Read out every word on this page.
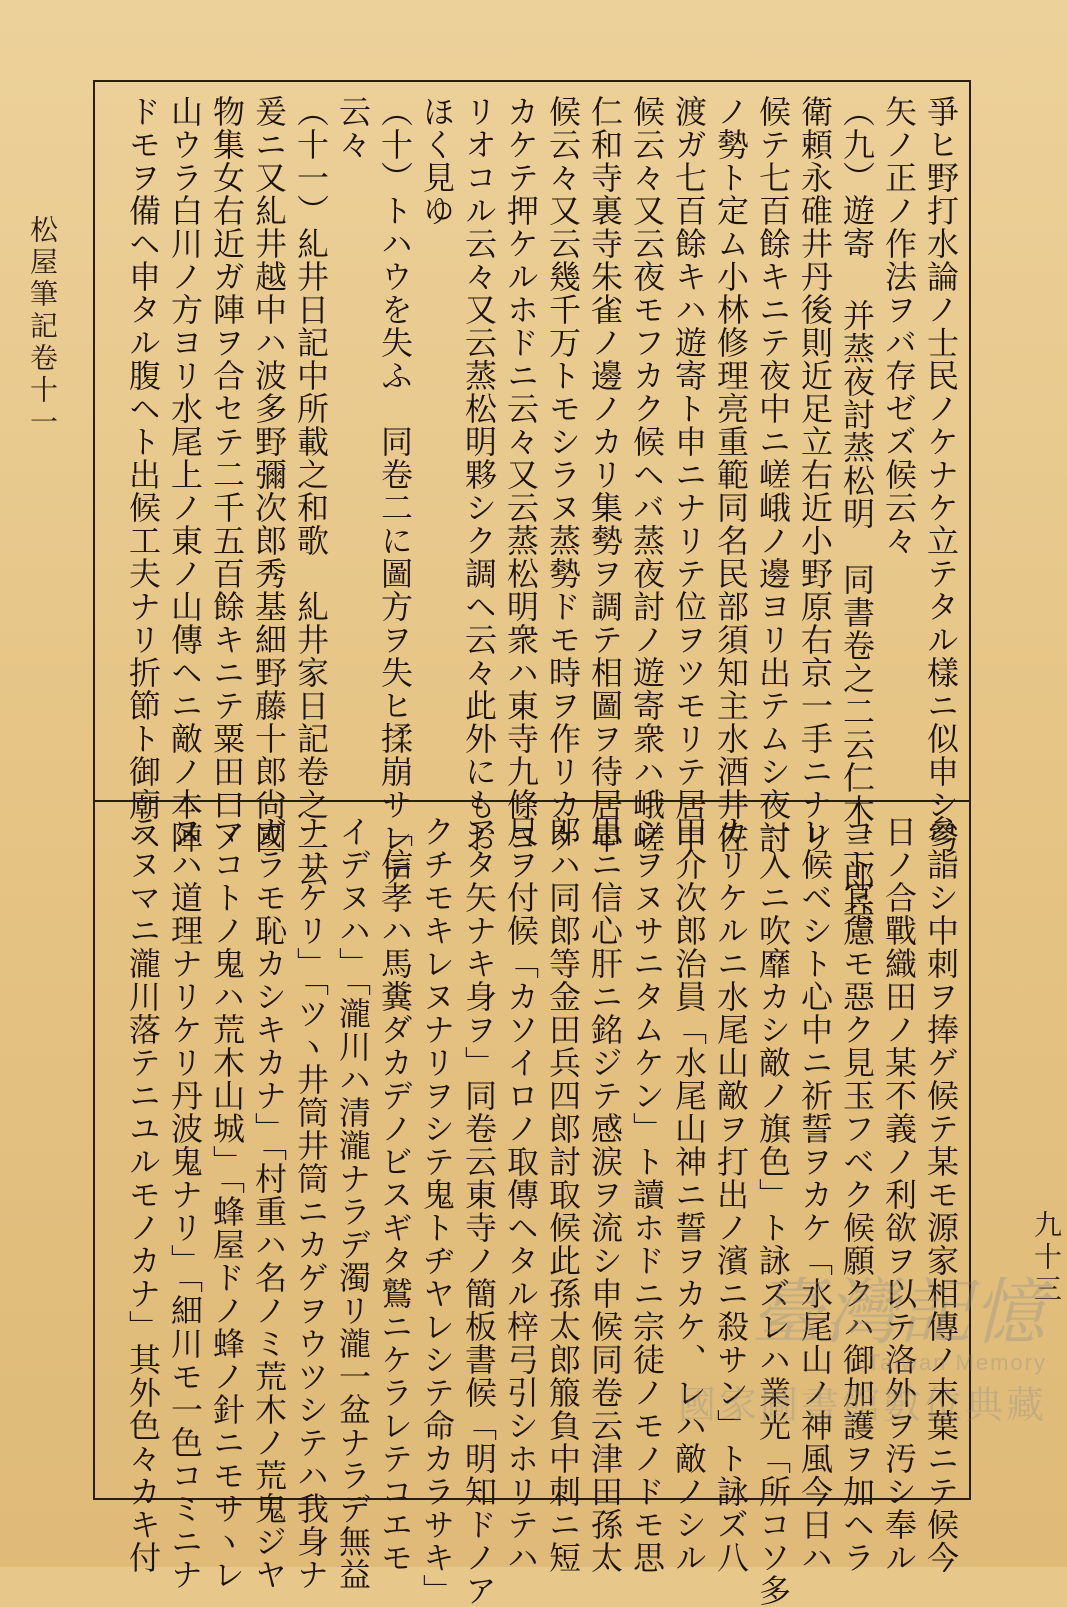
松屋筆記卷十一
九十三
爭ヒ野打水論ノ士民ノケナケ立テタル樣ニ似申シ弓
矢ノ正ノ作法ヲバ存ゼズ候云々
（九）遊寄 并蒸夜討蒸松明　同書卷之二云仁木三郎兵
衛頼永碓井丹後則近足立右近小野原右京一手ニナリ
候テ七百餘キニテ夜中ニ嵯峨ノ邊ヨリ出テムシ夜討
ノ勢ト定ム小林修理亮重範同名民部須知主水酒井佐
渡ガ七百餘キハ遊寄ト申ニナリテ位ヲツモリテ居申
候云々又云夜モフカク候ヘバ蒸夜討ノ遊寄衆ハ峨嵯
仁和寺裏寺朱雀ノ邊ノカリ集勢ヲ調テ相圖ヲ待居申
候云々又云幾千万トモシラヌ蒸勢ドモ時ヲ作リカケ
カケテ押ケルホドニ云々又云蒸松明衆ハ東寺九條ヨ
リオコル云々又云蒸松明夥シク調ヘ云々此外にもお
ほく見ゆ
（十）トハウを失ふ　同卷二に圖方ヲ失ヒ揉崩サレテ
云々
（十一）糺井日記中所載之和歌　糺井家日記卷之二云
爰ニ又糺井越中ハ波多野彌次郎秀基細野藤十郎尙國
物集女右近ガ陣ヲ合セテ二千五百餘キニテ粟田口ノ
山ウラ白川ノ方ヨリ水尾上ノ東ノ山傳ヘニ敵ノ本陣
ドモヲ備ヘ申タル腹ヘト出候工夫ナリ折節ト御廟ヘ
參詣シ中刺ヲ捧ゲ候テ某モ源家相傳ノ末葉ニテ候今
日ノ合戰織田ノ某不義ノ利欲ヲ以テ洛外ヲ汚シ奉ル
コト冥慮モ惡ク見玉フベク候願クハ御加護ヲ加ヘラ
レ候ベシト心中ニ祈誓ヲカケ「水尾山ノ神風今日ハ
一入ニ吹靡カシ敵ノ旗色」ト詠ズレハ業光「所コソ多
カリケルニ水尾山敵ヲ打出ノ濱ニ殺サン」ト詠ズ八
田介次郎治員「水尾山神ニ誓ヲカケ、レハ敵ノシル
シヲヌサニタムケン」ト讀ホドニ宗徒ノモノドモ思
思ニ信心肝ニ銘ジテ感涙ヲ流シ申候同卷云津田孫太
郎ハ同郎等金田兵四郎討取候此孫太郎箙負中刺ニ短
尺ヲ付候「カソイロノ取傳ヘタル梓弓引シホリテハ
アタ矢ナキ身ヲ」同卷云東寺ノ簡板書候「明知ドノア
クチモキレヌナリヲシテ鬼トヂヤレシテ命カラサキ」
「信孝ハ馬糞ダカデノビスギタ鷲ニケラレテコエモ
イデヌハ」「瀧川ハ清瀧ナラデ濁リ瀧一盆ナラデ無益
ナリケリ」「ツヽ井筒井筒ニカゲヲウツシテハ我身ナ
ガラモ恥カシキカナ」「村重ハ名ノミ荒木ノ荒鬼ジヤ
マコトノ鬼ハ荒木山城」「蜂屋ドノ蜂ノ針ニモサヽレ
ヌハ道理ナリケリ丹波鬼ナリ」「細川モ一色コミニナ
ラヌマニ瀧川落テニユルモノカナ」其外色々カキ付	臺灣記憶
Taiwan Memory
國家圖書館數位典藏
